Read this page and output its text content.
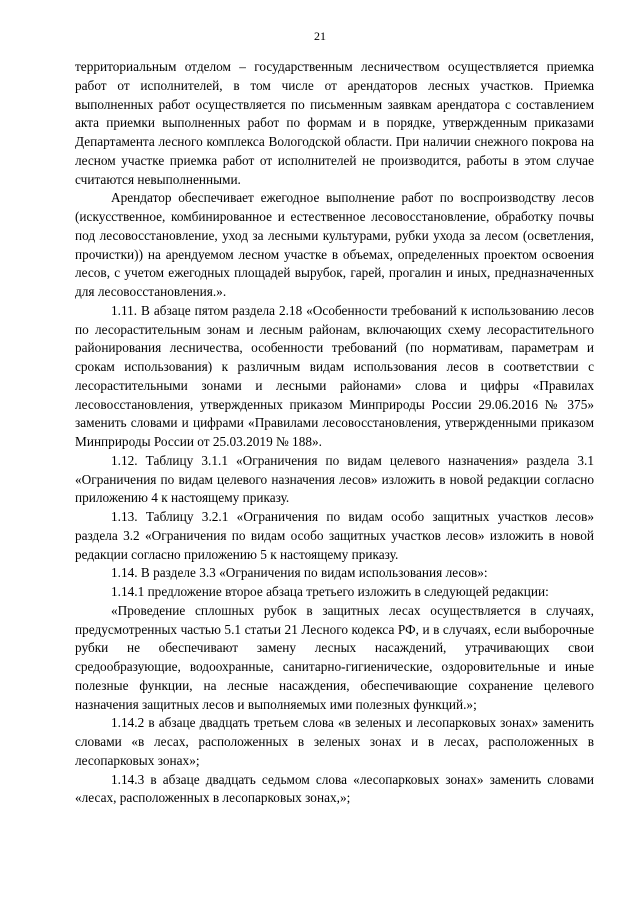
21

территориальным отделом – государственным лесничеством осуществляется приемка работ от исполнителей, в том числе от арендаторов лесных участков. Приемка выполненных работ осуществляется по письменным заявкам арендатора с составлением акта приемки выполненных работ по формам и в порядке, утвержденным приказами Департамента лесного комплекса Вологодской области. При наличии снежного покрова на лесном участке приемка работ от исполнителей не производится, работы в этом случае считаются невыполненными.

Арендатор обеспечивает ежегодное выполнение работ по воспроизводству лесов (искусственное, комбинированное и естественное лесовосстановление, обработку почвы под лесовосстановление, уход за лесными культурами, рубки ухода за лесом (осветления, прочистки)) на арендуемом лесном участке в объемах, определенных проектом освоения лесов, с учетом ежегодных площадей вырубок, гарей, прогалин и иных, предназначенных для лесовосстановления.».

1.11. В абзаце пятом раздела 2.18 «Особенности требований к использованию лесов по лесорастительным зонам и лесным районам, включающих схему лесорастительного районирования лесничества, особенности требований (по нормативам, параметрам и срокам использования) к различным видам использования лесов в соответствии с лесорастительными зонами и лесными районами» слова и цифры «Правилах лесовосстановления, утвержденных приказом Минприроды России 29.06.2016 № 375» заменить словами и цифрами «Правилами лесовосстановления, утвержденными приказом Минприроды России от 25.03.2019 № 188».

1.12. Таблицу 3.1.1 «Ограничения по видам целевого назначения» раздела 3.1 «Ограничения по видам целевого назначения лесов» изложить в новой редакции согласно приложению 4 к настоящему приказу.

1.13. Таблицу 3.2.1 «Ограничения по видам особо защитных участков лесов» раздела 3.2 «Ограничения по видам особо защитных участков лесов» изложить в новой редакции согласно приложению 5 к настоящему приказу.

1.14. В разделе 3.3 «Ограничения по видам использования лесов»:

1.14.1 предложение второе абзаца третьего изложить в следующей редакции:

«Проведение сплошных рубок в защитных лесах осуществляется в случаях, предусмотренных частью 5.1 статьи 21 Лесного кодекса РФ, и в случаях, если выборочные рубки не обеспечивают замену лесных насаждений, утрачивающих свои средообразующие, водоохранные, санитарно-гигиенические, оздоровительные и иные полезные функции, на лесные насаждения, обеспечивающие сохранение целевого назначения защитных лесов и выполняемых ими полезных функций.»;

1.14.2 в абзаце двадцать третьем слова «в зеленых и лесопарковых зонах» заменить словами «в лесах, расположенных в зеленых зонах и в лесах, расположенных в лесопарковых зонах»;

1.14.3 в абзаце двадцать седьмом слова «лесопарковых зонах» заменить словами «лесах, расположенных в лесопарковых зонах,»;
